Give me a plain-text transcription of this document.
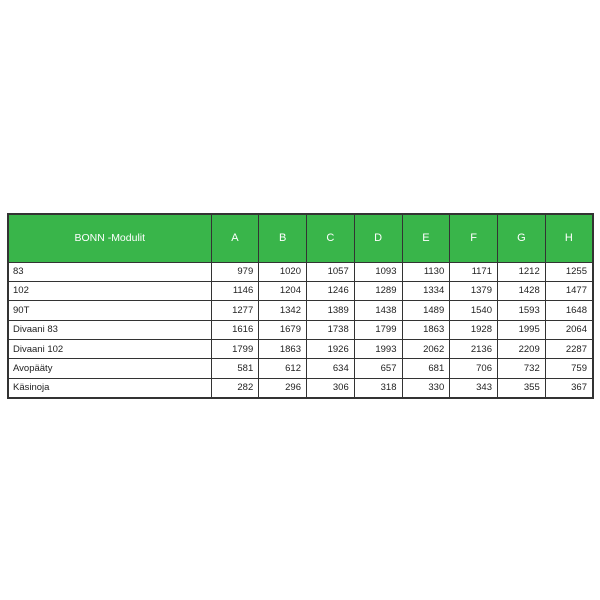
BONN -Modulit	A	B	C	D	E	F	G	H
83	979	1020	1057	1093	1130	1171	1212	1255
102	1146	1204	1246	1289	1334	1379	1428	1477
90T	1277	1342	1389	1438	1489	1540	1593	1648
Divaani 83	1616	1679	1738	1799	1863	1928	1995	2064
Divaani 102	1799	1863	1926	1993	2062	2136	2209	2287
Avopääty	581	612	634	657	681	706	732	759
Käsinoja	282	296	306	318	330	343	355	367
